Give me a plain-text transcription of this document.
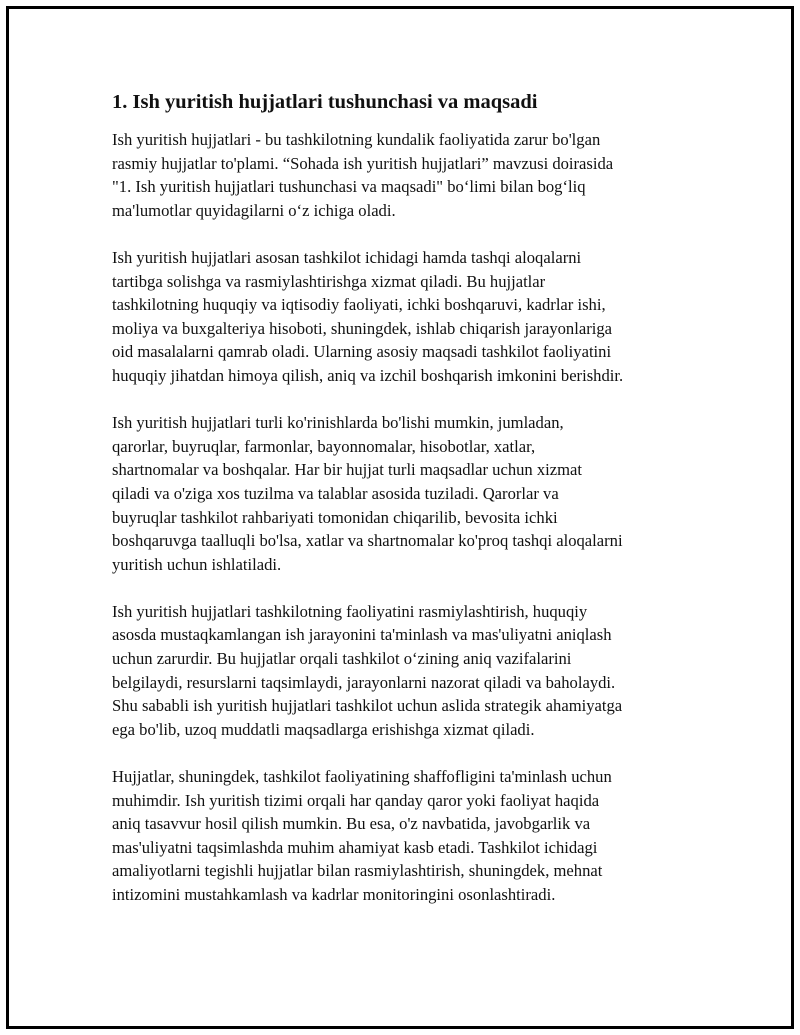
1. Ish yuritish hujjatlari tushunchasi va maqsadi

Ish yuritish hujjatlari - bu tashkilotning kundalik faoliyatida zarur bo'lgan
rasmiy hujjatlar to'plami. “Sohada ish yuritish hujjatlari” mavzusi doirasida
"1. Ish yuritish hujjatlari tushunchasi va maqsadi" boʻlimi bilan bogʻliq
ma'lumotlar quyidagilarni oʻz ichiga oladi.

Ish yuritish hujjatlari asosan tashkilot ichidagi hamda tashqi aloqalarni
tartibga solishga va rasmiylashtirishga xizmat qiladi. Bu hujjatlar
tashkilotning huquqiy va iqtisodiy faoliyati, ichki boshqaruvi, kadrlar ishi,
moliya va buxgalteriya hisoboti, shuningdek, ishlab chiqarish jarayonlariga
oid masalalarni qamrab oladi. Ularning asosiy maqsadi tashkilot faoliyatini
huquqiy jihatdan himoya qilish, aniq va izchil boshqarish imkonini berishdir.

Ish yuritish hujjatlari turli ko'rinishlarda bo'lishi mumkin, jumladan,
qarorlar, buyruqlar, farmonlar, bayonnomalar, hisobotlar, xatlar,
shartnomalar va boshqalar. Har bir hujjat turli maqsadlar uchun xizmat
qiladi va o'ziga xos tuzilma va talablar asosida tuziladi. Qarorlar va
buyruqlar tashkilot rahbariyati tomonidan chiqarilib, bevosita ichki
boshqaruvga taalluqli bo'lsa, xatlar va shartnomalar ko'proq tashqi aloqalarni
yuritish uchun ishlatiladi.

Ish yuritish hujjatlari tashkilotning faoliyatini rasmiylashtirish, huquqiy
asosda mustaqkamlangan ish jarayonini ta'minlash va mas'uliyatni aniqlash
uchun zarurdir. Bu hujjatlar orqali tashkilot oʻzining aniq vazifalarini
belgilaydi, resurslarni taqsimlaydi, jarayonlarni nazorat qiladi va baholaydi.
Shu sababli ish yuritish hujjatlari tashkilot uchun aslida strategik ahamiyatga
ega bo'lib, uzoq muddatli maqsadlarga erishishga xizmat qiladi.

Hujjatlar, shuningdek, tashkilot faoliyatining shaffofligini ta'minlash uchun
muhimdir. Ish yuritish tizimi orqali har qanday qaror yoki faoliyat haqida
aniq tasavvur hosil qilish mumkin. Bu esa, o'z navbatida, javobgarlik va
mas'uliyatni taqsimlashda muhim ahamiyat kasb etadi. Tashkilot ichidagi
amaliyotlarni tegishli hujjatlar bilan rasmiylashtirish, shuningdek, mehnat
intizomini mustahkamlash va kadrlar monitoringini osonlashtiradi.
